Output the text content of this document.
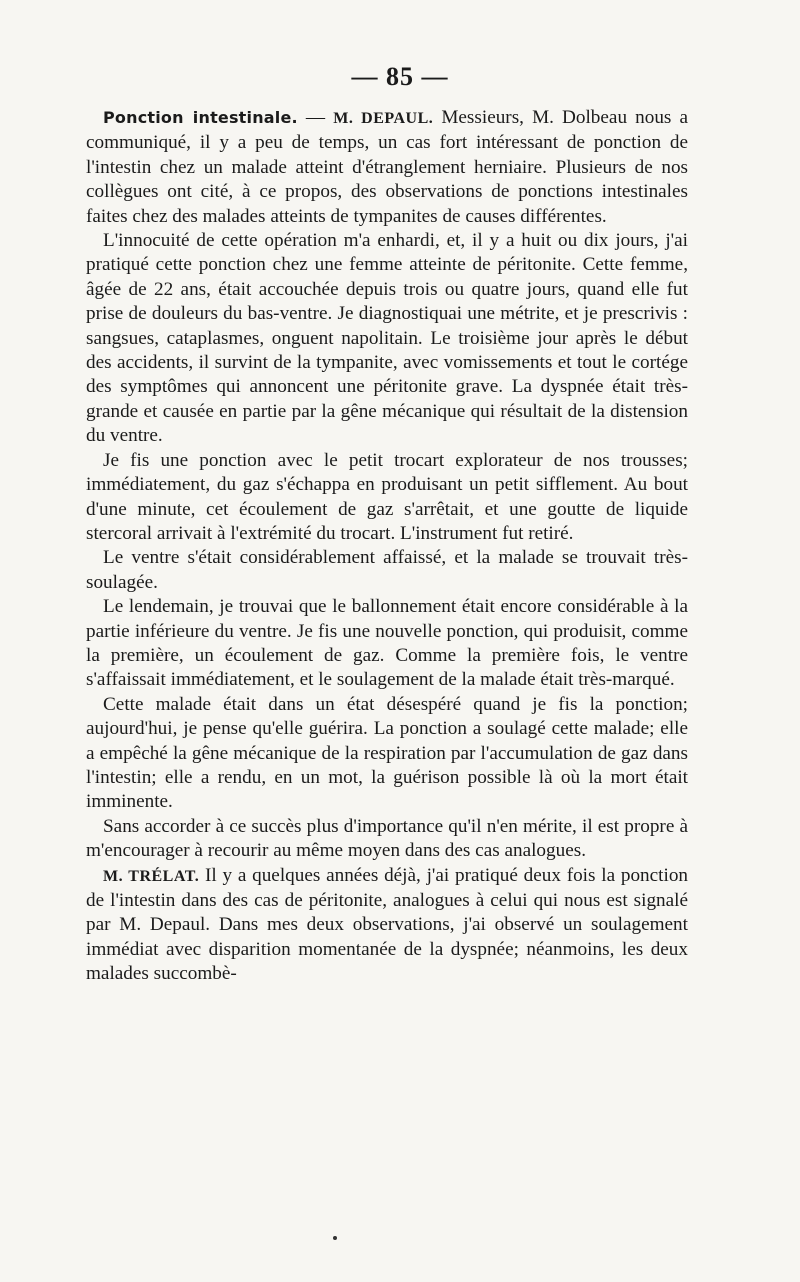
— 85 —

Ponction intestinale. — M. DEPAUL. Messieurs, M. Dolbeau nous a communiqué, il y a peu de temps, un cas fort intéressant de ponction de l'intestin chez un malade atteint d'étranglement herniaire. Plusieurs de nos collègues ont cité, à ce propos, des observations de ponctions intestinales faites chez des malades atteints de tympanites de causes différentes.

L'innocuité de cette opération m'a enhardi, et, il y a huit ou dix jours, j'ai pratiqué cette ponction chez une femme atteinte de péritonite. Cette femme, âgée de 22 ans, était accouchée depuis trois ou quatre jours, quand elle fut prise de douleurs du bas-ventre. Je diagnostiquai une métrite, et je prescrivis : sangsues, cataplasmes, onguent napolitain. Le troisième jour après le début des accidents, il survint de la tympanite, avec vomissements et tout le cortége des symptômes qui annoncent une péritonite grave. La dyspnée était très-grande et causée en partie par la gêne mécanique qui résultait de la distension du ventre.

Je fis une ponction avec le petit trocart explorateur de nos trousses; immédiatement, du gaz s'échappa en produisant un petit sifflement. Au bout d'une minute, cet écoulement de gaz s'arrêtait, et une goutte de liquide stercoral arrivait à l'extrémité du trocart. L'instrument fut retiré.

Le ventre s'était considérablement affaissé, et la malade se trouvait très-soulagée.

Le lendemain, je trouvai que le ballonnement était encore considérable à la partie inférieure du ventre. Je fis une nouvelle ponction, qui produisit, comme la première, un écoulement de gaz. Comme la première fois, le ventre s'affaissait immédiatement, et le soulagement de la malade était très-marqué.

Cette malade était dans un état désespéré quand je fis la ponction; aujourd'hui, je pense qu'elle guérira. La ponction a soulagé cette malade; elle a empêché la gêne mécanique de la respiration par l'accumulation de gaz dans l'intestin; elle a rendu, en un mot, la guérison possible là où la mort était imminente.

Sans accorder à ce succès plus d'importance qu'il n'en mérite, il est propre à m'encourager à recourir au même moyen dans des cas analogues.

M. TRÉLAT. Il y a quelques années déjà, j'ai pratiqué deux fois la ponction de l'intestin dans des cas de péritonite, analogues à celui qui nous est signalé par M. Depaul. Dans mes deux observations, j'ai observé un soulagement immédiat avec disparition momentanée de la dyspnée; néanmoins, les deux malades succombè-
